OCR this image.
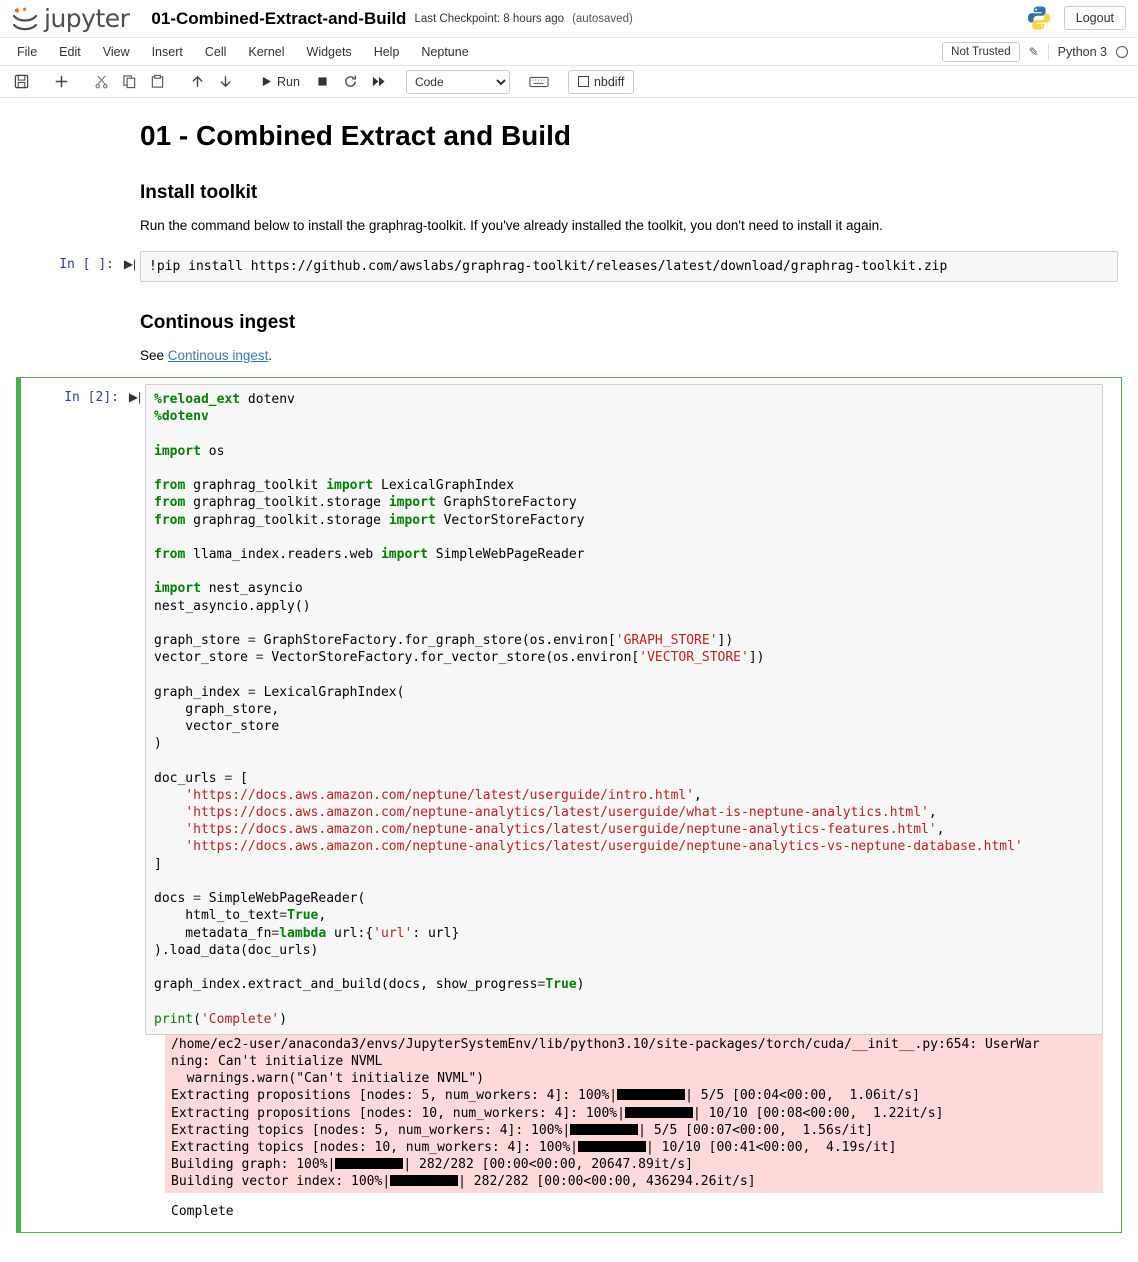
jupyter 01-Combined-Extract-and-Build Last Checkpoint: 8 hours ago (autosaved)	Logout
File	Edit	View	Insert	Cell	Kernel	Widgets	Help	Neptune	Not Trusted	✎ Python 3
Run
Code	nbdiff
01 - Combined Extract and Build
Install toolkit

Run the command below to install the graphrag-toolkit. If you've already installed the toolkit, you don't need to install it again.

In [ ]: ▶| !pip install https://github.com/awslabs/graphrag-toolkit/releases/latest/download/graphrag-toolkit.zip
Continous ingest

See Continous ingest.

In [2]: ▶| %reload_ext dotenv
%dotenv

import os

from graphrag_toolkit import LexicalGraphIndex
from graphrag_toolkit.storage import GraphStoreFactory
from graphrag_toolkit.storage import VectorStoreFactory

from llama_index.readers.web import SimpleWebPageReader

import nest_asyncio
nest_asyncio.apply()

graph_store = GraphStoreFactory.for_graph_store(os.environ['GRAPH_STORE'])
vector_store = VectorStoreFactory.for_vector_store(os.environ['VECTOR_STORE'])

graph_index = LexicalGraphIndex(
graph_store,
vector_store
)

doc_urls = [
'https://docs.aws.amazon.com/neptune/latest/userguide/intro.html',
'https://docs.aws.amazon.com/neptune-analytics/latest/userguide/what-is-neptune-analytics.html',
'https://docs.aws.amazon.com/neptune-analytics/latest/userguide/neptune-analytics-features.html',
'https://docs.aws.amazon.com/neptune-analytics/latest/userguide/neptune-analytics-vs-neptune-database.html'
]

docs = SimpleWebPageReader(
html_to_text=True,
metadata_fn=lambda url:{'url': url}
).load_data(doc_urls)

graph_index.extract_and_build(docs, show_progress=True)

print('Complete')
/home/ec2-user/anaconda3/envs/JupyterSystemEnv/lib/python3.10/site-packages/torch/cuda/__init__.py:654: UserWar
ning: Can't initialize NVML
warnings.warn("Can't initialize NVML")
Extracting propositions [nodes: 5, num_workers: 4]: 100%|	| 5/5 [00:04<00:00,  1.06it/s]
Extracting propositions [nodes: 10, num_workers: 4]: 100%|	| 10/10 [00:08<00:00,  1.22it/s]
Extracting topics [nodes: 5, num_workers: 4]: 100%|	| 5/5 [00:07<00:00,  1.56s/it]
Extracting topics [nodes: 10, num_workers: 4]: 100%|	| 10/10 [00:41<00:00,  4.19s/it]
Building graph: 100%|	| 282/282 [00:00<00:00, 20647.89it/s]
Building vector index: 100%|	| 282/282 [00:00<00:00, 436294.26it/s]
Complete
